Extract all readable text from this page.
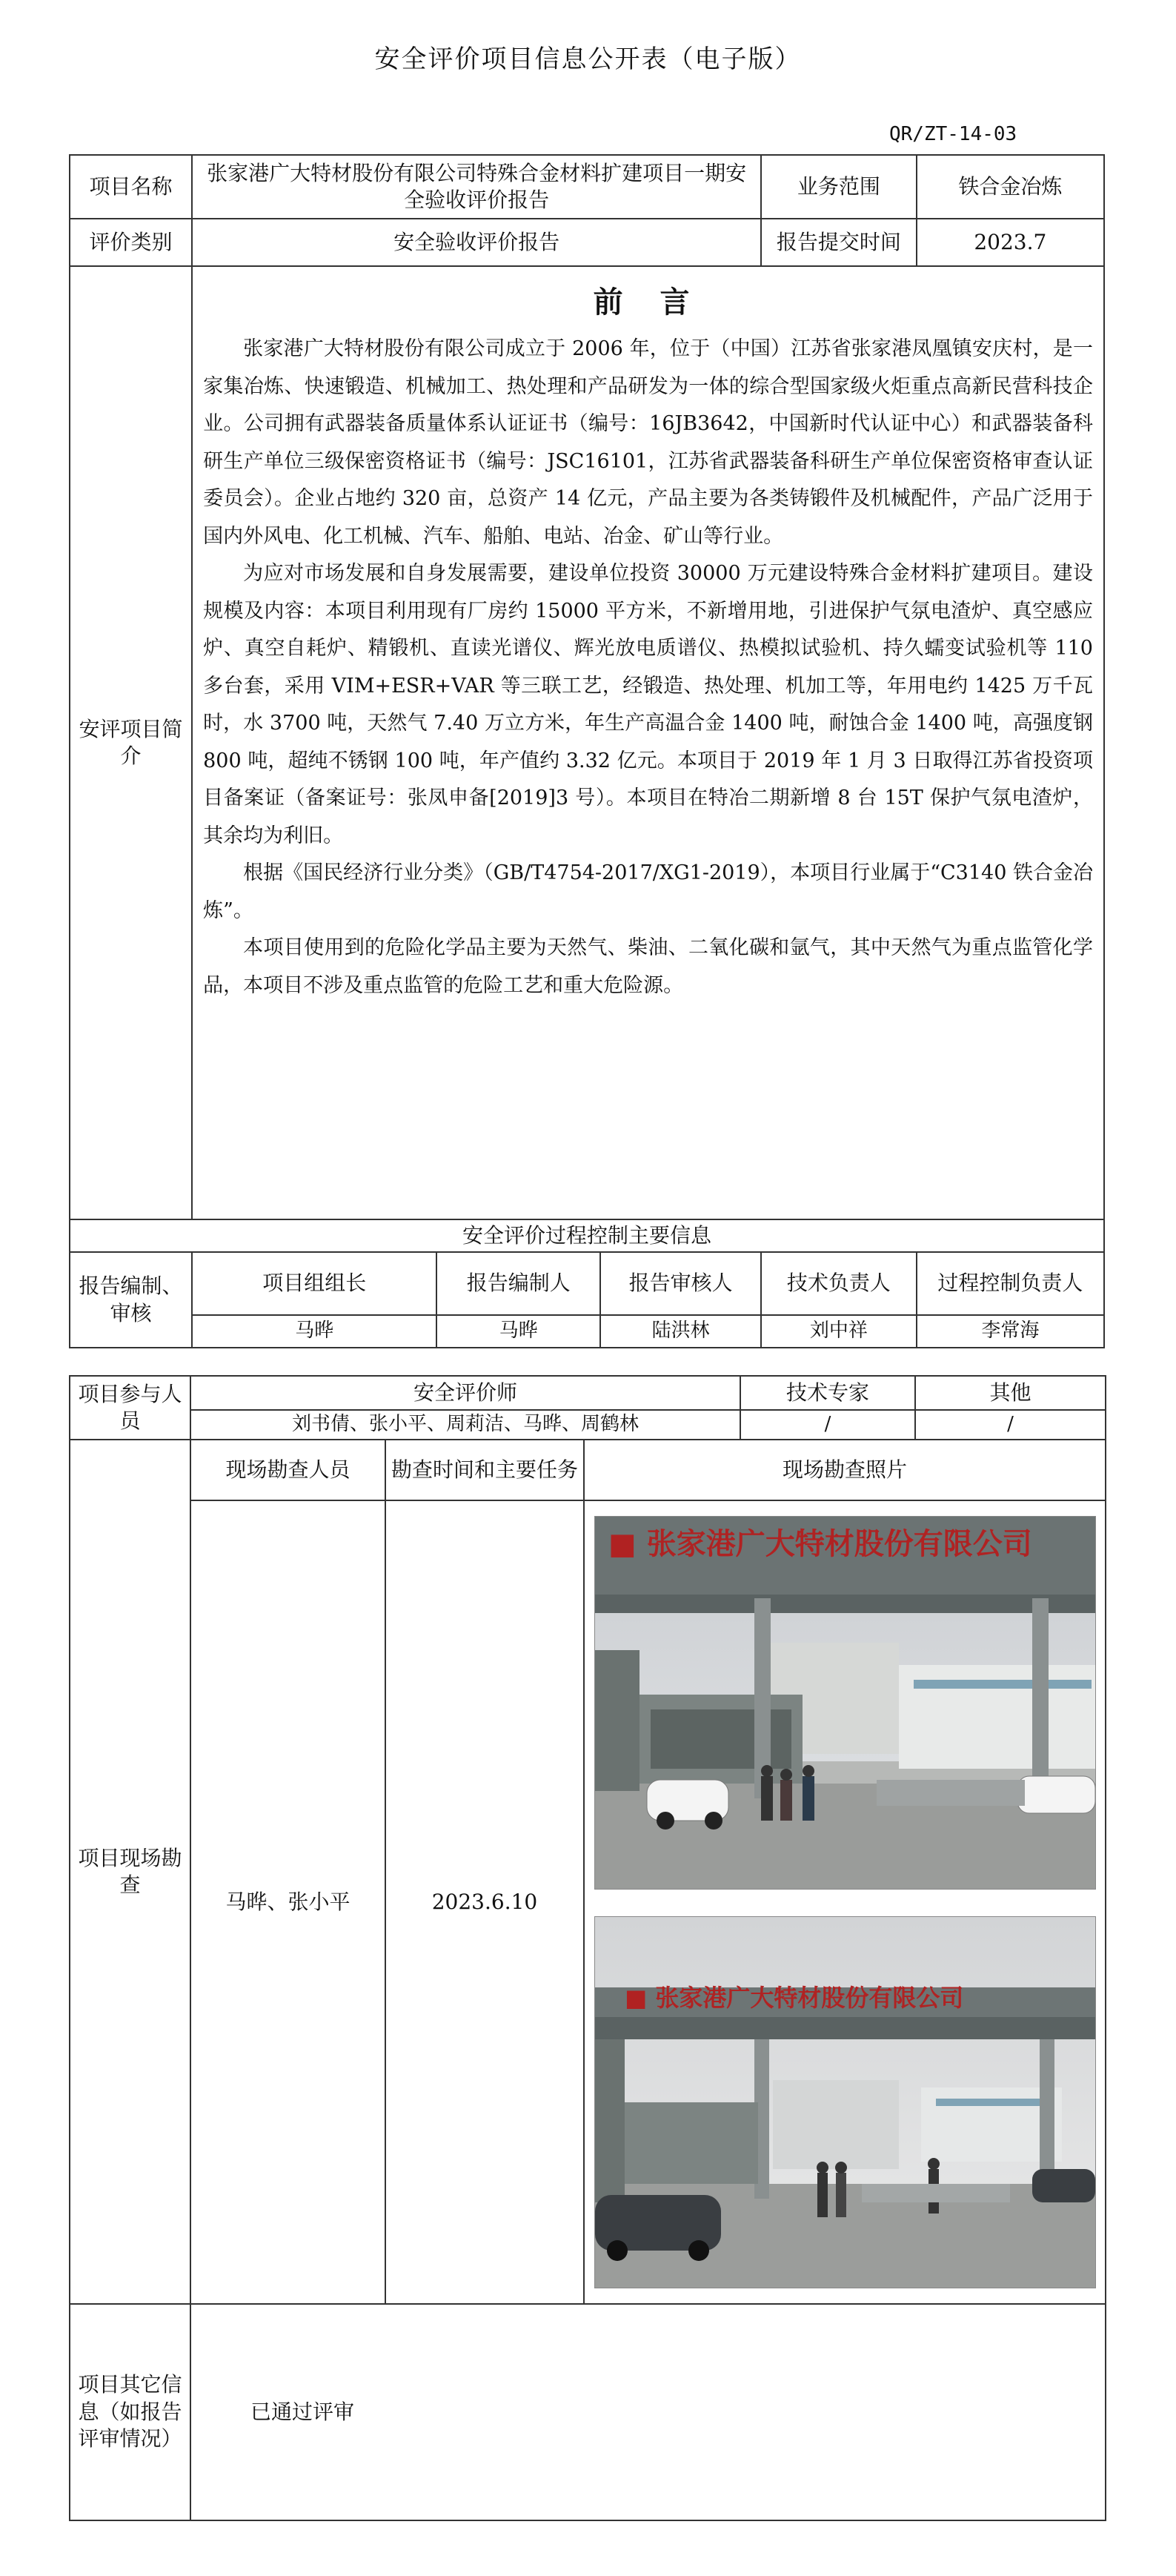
安全评价项目信息公开表（电子版）
QR/ZT-14-03
项目名称	张家港广大特材股份有限公司特殊合金材料扩建项目一期安全验收评价报告			业务范围	铁合金冶炼
评价类别	安全验收评价报告			报告提交时间	2023.7
安评项目简介	前 言

张家港广大特材股份有限公司成立于 2006 年，位于（中国）江苏省张家港凤凰镇安庆村，是一家集冶炼、快速锻造、机械加工、热处理和产品研发为一体的综合型国家级火炬重点高新民营科技企业。公司拥有武器装备质量体系认证证书（编号：16JB3642，中国新时代认证中心）和武器装备科研生产单位三级保密资格证书（编号：JSC16101，江苏省武器装备科研生产单位保密资格审查认证委员会）。企业占地约 320 亩，总资产 14 亿元，产品主要为各类铸锻件及机械配件，产品广泛用于国内外风电、化工机械、汽车、船舶、电站、冶金、矿山等行业。

为应对市场发展和自身发展需要，建设单位投资 30000 万元建设特殊合金材料扩建项目。建设规模及内容：本项目利用现有厂房约 15000 平方米，不新增用地，引进保护气氛电渣炉、真空感应炉、真空自耗炉、精锻机、直读光谱仪、辉光放电质谱仪、热模拟试验机、持久蠕变试验机等 110 多台套，采用 VIM+ESR+VAR 等三联工艺，经锻造、热处理、机加工等，年用电约 1425 万千瓦时，水 3700 吨，天然气 7.40 万立方米，年生产高温合金 1400 吨，耐蚀合金 1400 吨，高强度钢 800 吨，超纯不锈钢 100 吨，年产值约 3.32 亿元。本项目于 2019 年 1 月 3 日取得江苏省投资项目备案证（备案证号：张凤申备[2019]3 号）。本项目在特冶二期新增 8 台 15T 保护气氛电渣炉，其余均为利旧。

根据《国民经济行业分类》（GB/T4754-2017/XG1-2019），本项目行业属于“C3140 铁合金冶炼”。

本项目使用到的危险化学品主要为天然气、柴油、二氧化碳和氩气，其中天然气为重点监管化学品，本项目不涉及重点监管的危险工艺和重大危险源。				

安全评价过程控制主要信息					
报告编制、审核	项目组组长	报告编制人	报告审核人	技术负责人	过程控制负责人
	马晔	马晔	陆洪林	刘中祥	李常海
项目参与人员	安全评价师			技术专家	其他
	刘书倩、张小平、周莉洁、马晔、周鹤林			/	/
项目现场勘查	现场勘查人员	勘查时间和主要任务	现场勘查照片		
	马晔、张小平	2023.6.10	■ 张家港广大特材股份有限公司
■ 张家港广大特材股份有限公司		

项目其它信息（如报告评审情况）	已通过评审				
